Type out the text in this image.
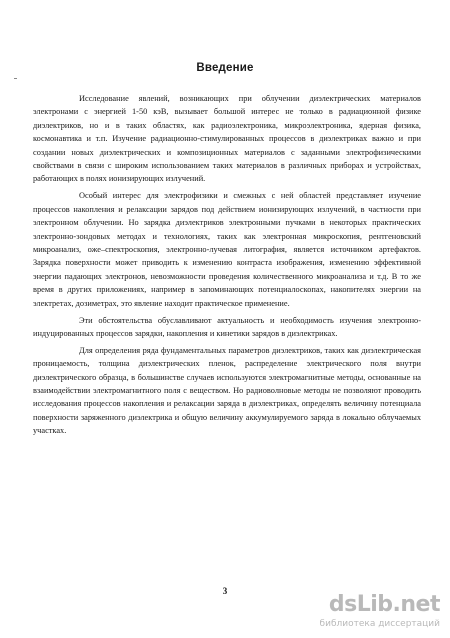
Введение

Исследование явлений, возникающих при облучении диэлектрических материалов электронами с энергией 1-50 кэВ, вызывает большой интерес не только в радиационной физике диэлектриков, но и в таких областях, как радиоэлектроника, микроэлектроника, ядерная физика, космонавтика и т.п. Изучение радиационно-стимулированных процессов в диэлектриках важно и при создании новых диэлектрических и композиционных материалов с заданными электрофизическими свойствами в связи с широким использованием таких материалов в различных приборах и устройствах, работающих в полях ионизирующих излучений.

Особый интерес для электрофизики и смежных с ней областей представляет изучение процессов накопления и релаксации зарядов под действием ионизирующих излучений, в частности при электронном облучении. Но зарядка диэлектриков электронными пучками в некоторых практических электронно-зондовых методах и технологиях, таких как электронная микроскопия, рентгеновский микроанализ, оже–спектроскопия, электронно-лучевая литография, является источником артефактов. Зарядка поверхности может приводить к изменению контраста изображения, изменению эффективной энергии падающих электронов, невозможности проведения количественного микроанализа и т.д. В то же время в других приложениях, например в запоминающих потенциалоскопах, накопителях энергии на электретах, дозиметрах, это явление находит практическое применение.

Эти обстоятельства обуславливают актуальность и необходимость изучения электронно-индуцированных процессов зарядки, накопления и кинетики зарядов в диэлектриках.

Для определения ряда фундаментальных параметров диэлектриков, таких как диэлектрическая проницаемость, толщина диэлектрических пленок, распределение электрического поля внутри диэлектрического образца, в большинстве случаев используются электромагнитные методы, основанные на взаимодействии электромагнитного поля с веществом. Но радиоволновые методы не позволяют проводить исследования процессов накопления и релаксации заряда в диэлектриках, определять величину потенциала поверхности заряженного диэлектрика и общую величину аккумулируемого заряда в локально облучаемых участках.

3
dsLib.net
библиотека диссертаций
